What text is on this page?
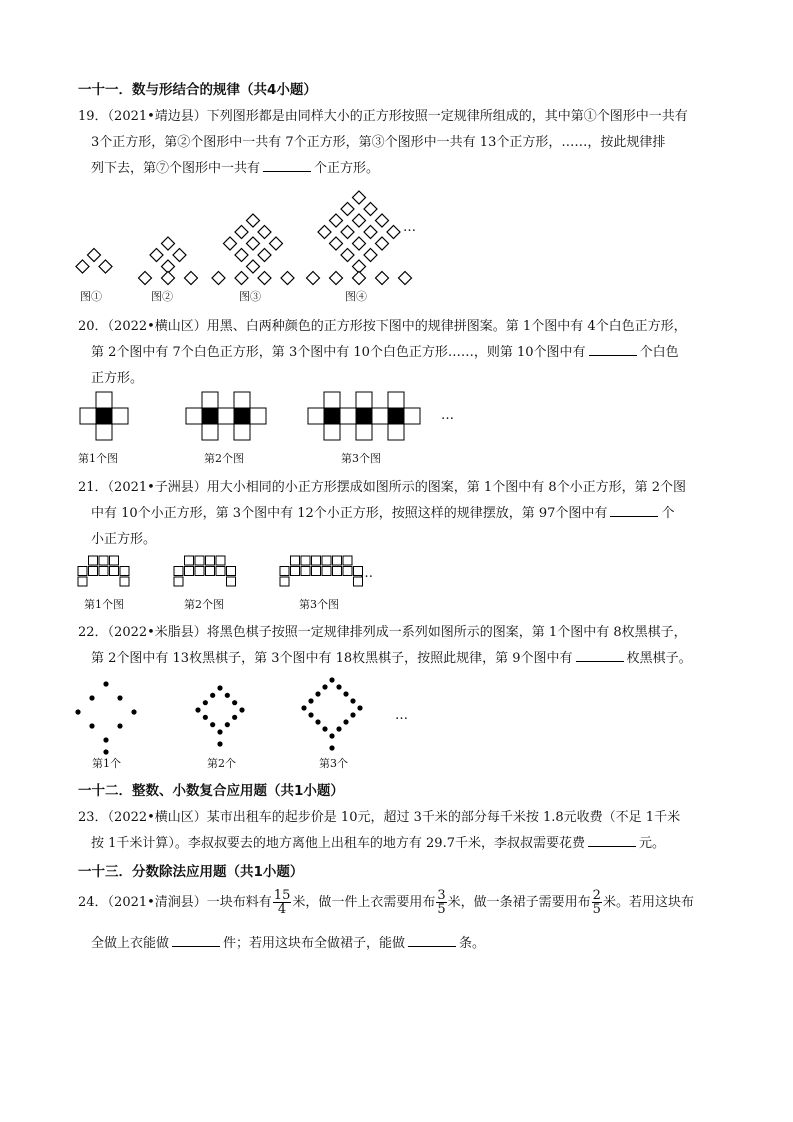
一十一．数与形结合的规律（共4小题）
19．（2021•靖边县）下列图形都是由同样大小的正方形按照一定规律所组成的，其中第①个图形中一共有
3个正方形，第②个图形中一共有 7个正方形，第③个图形中一共有 13个正方形，……，按此规律排
列下去，第⑦个图形中一共有	个正方形。
图①	图②	图③	图④
…
20．（2022•横山区）用黑、白两种颜色的正方形按下图中的规律拼图案。第 1个图中有 4个白色正方形，
第 2个图中有 7个白色正方形，第 3个图中有 10个白色正方形……，则第 10个图中有	个白色
正方形。
第1个图	第2个图	第3个图
…
21．（2021•子洲县）用大小相同的小正方形摆成如图所示的图案，第 1个图中有 8个小正方形，第 2个图
中有 10个小正方形，第 3个图中有 12个小正方形，按照这样的规律摆放，第 97个图中有	个
小正方形。
第1个图	第2个图	第3个图
…
22．（2022•米脂县）将黑色棋子按照一定规律排列成一系列如图所示的图案，第 1个图中有 8枚黑棋子，
第 2个图中有 13枚黑棋子，第 3个图中有 18枚黑棋子，按照此规律，第 9个图中有	枚黑棋子。
第1个	第2个	第3个
…
一十二．整数、小数复合应用题（共1小题）
23．（2022•横山区）某市出租车的起步价是 10元，超过 3千米的部分每千米按 1.8元收费（不足 1千米
按 1千米计算）。李叔叔要去的地方离他上出租车的地方有 29.7千米，李叔叔需要花费	元。
一十三．分数除法应用题（共1小题）
24．（2021•清涧县）一块布料有 $\frac{15}{4}$ 米，做一件上衣需要用布 $\frac{3}{5}$ 米，做一条裙子需要用布 $\frac{2}{5}$ 米。若用这块布
全做上衣能做	件；若用这块布全做裙子，能做	条。
